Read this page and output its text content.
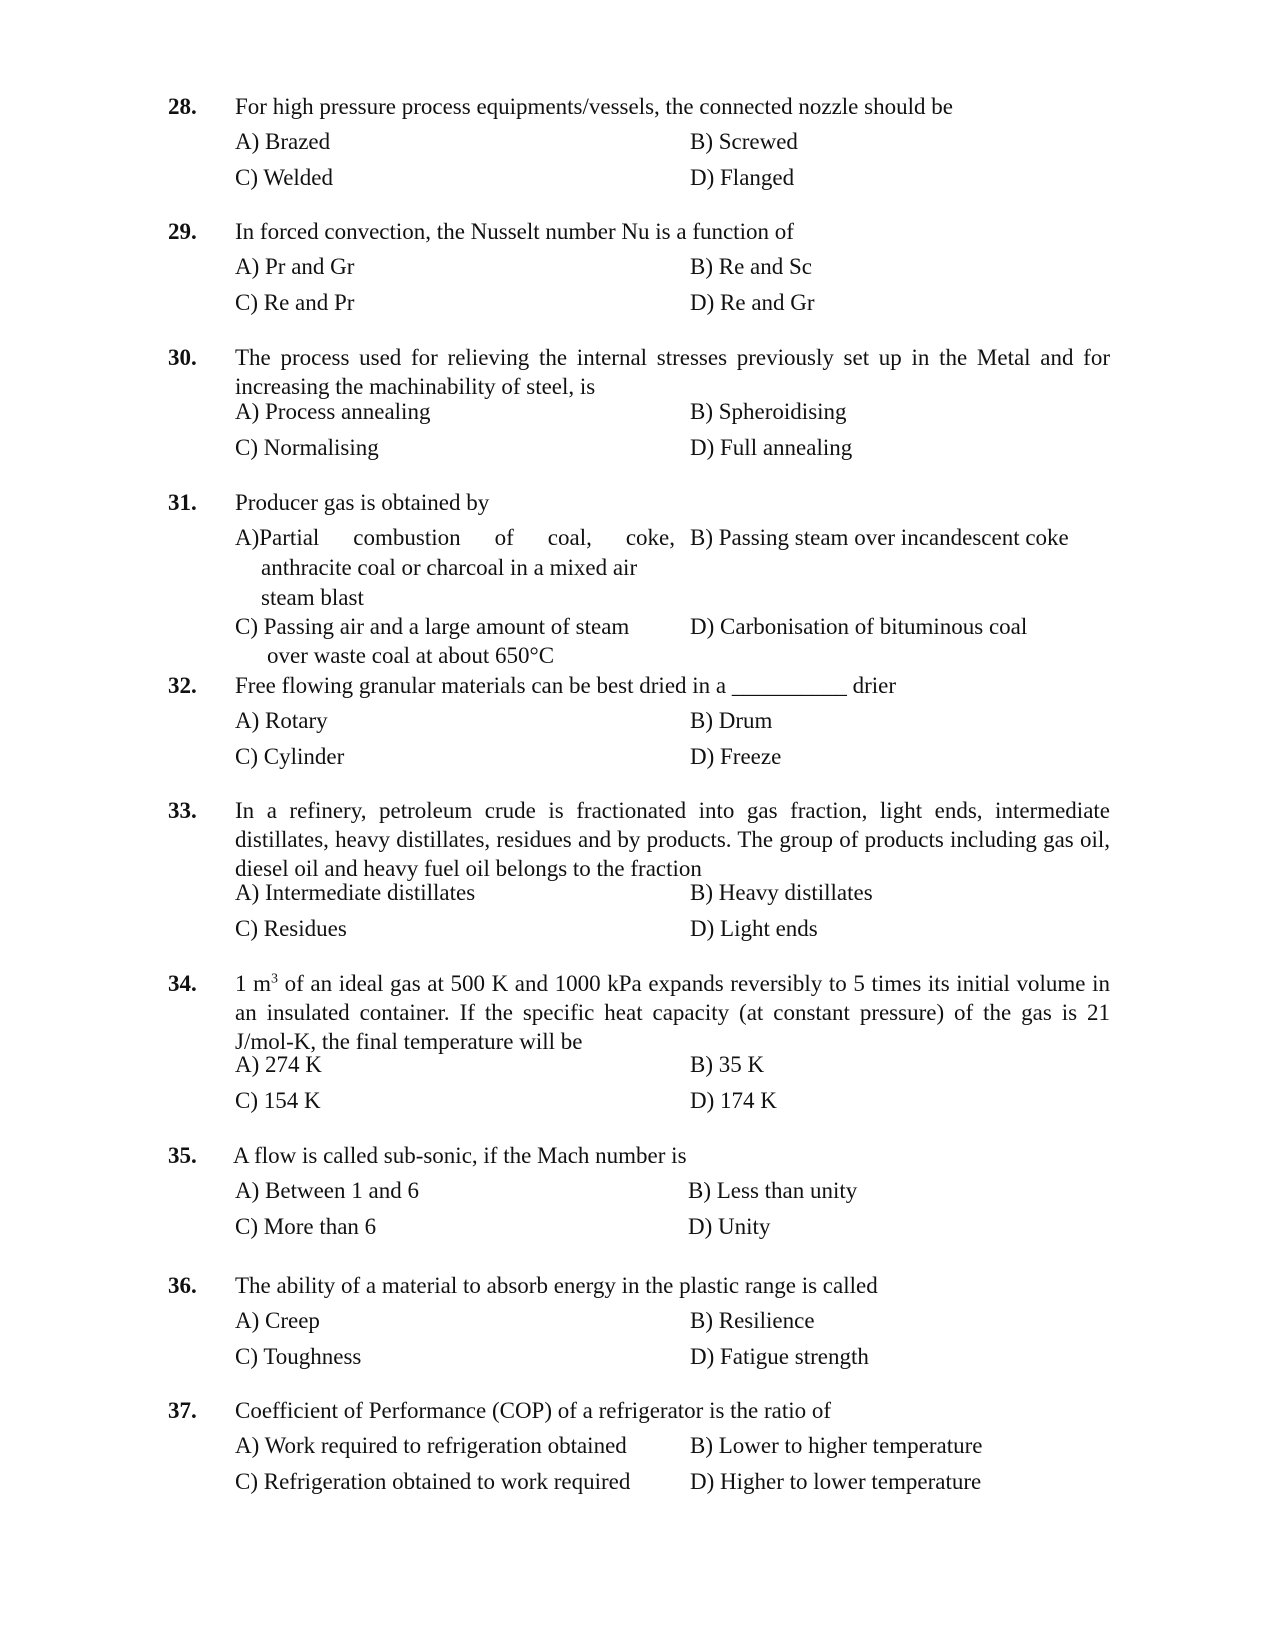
28. For high pressure process equipments/vessels, the connected nozzle should be
A) Brazed	B) Screwed
C) Welded	D) Flanged
29. In forced convection, the Nusselt number Nu is a function of
A) Pr and Gr	B) Re and Sc
C) Re and Pr	D) Re and Gr
30. The process used for relieving the internal stresses previously set up in the Metal and for increasing the machinability of steel, is
A) Process annealing	B) Spheroidising
C) Normalising	D) Full annealing
31. Producer gas is obtained by
A)Partial combustion of coal, coke,
anthracite coal or charcoal in a mixed air
steam blast
B) Passing steam over incandescent coke
C) Passing air and a large amount of steam
over waste coal at about 650°C
D) Carbonisation of bituminous coal
32. Free flowing granular materials can be best dried in a __________ drier
A) Rotary	B) Drum
C) Cylinder	D) Freeze
33. In a refinery, petroleum crude is fractionated into gas fraction, light ends, intermediate distillates, heavy distillates, residues and by products. The group of products including gas oil, diesel oil and heavy fuel oil belongs to the fraction
A) Intermediate distillates	B) Heavy distillates
C) Residues	D) Light ends
34. 1 $m^3$ of an ideal gas at 500 K and 1000 kPa expands reversibly to 5 times its initial volume in an insulated container. If the specific heat capacity (at constant pressure) of the gas is 21 J/mol-K, the final temperature will be
A) 274 K	B) 35 K
C) 154 K	D) 174 K
35. A flow is called sub-sonic, if the Mach number is
A) Between 1 and 6	B) Less than unity
C) More than 6	D) Unity
36. The ability of a material to absorb energy in the plastic range is called
A) Creep	B) Resilience
C) Toughness	D) Fatigue strength
37. Coefficient of Performance (COP) of a refrigerator is the ratio of
A) Work required to refrigeration obtained	B) Lower to higher temperature
C) Refrigeration obtained to work required	D) Higher to lower temperature
